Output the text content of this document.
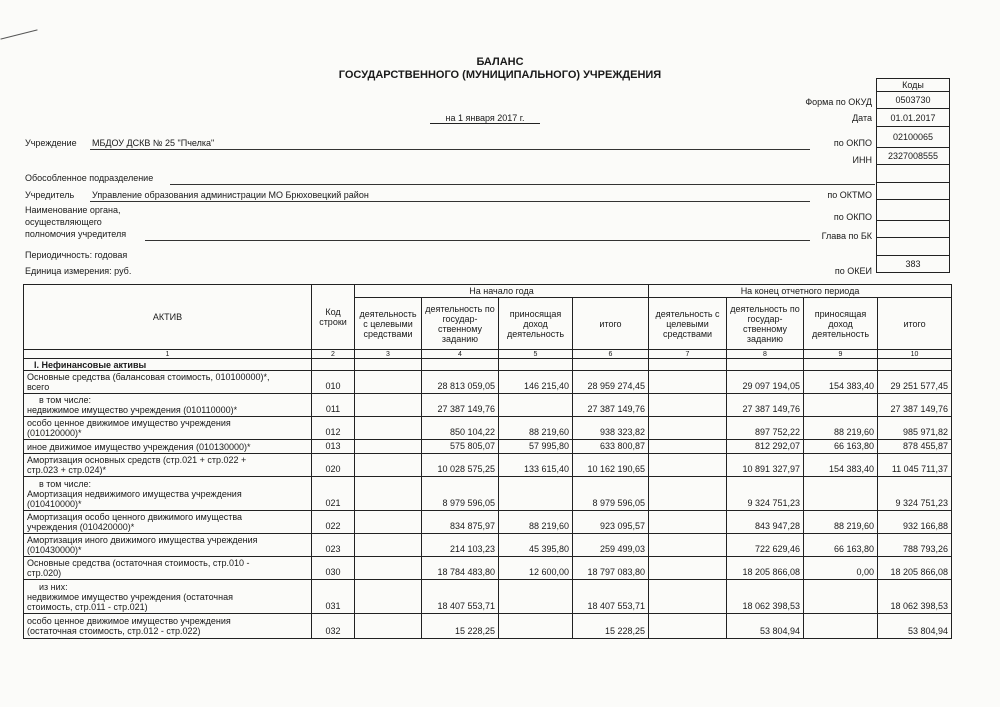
БАЛАНС
ГОСУДАРСТВЕННОГО (МУНИЦИПАЛЬНОГО) УЧРЕЖДЕНИЯ
на 1 января 2017 г.
Коды
0503730
01.01.2017
02100065
2327008555

383
Форма по ОКУД
Дата
по ОКПО
ИНН
по ОКТМО
по ОКПО
Глава по БК
по ОКЕИ
Учреждение МБДОУ ДСКВ № 25 "Пчелка"
Обособленное подразделение
Учредитель Управление образования администрации МО Брюховецкий район
Наименование органа,
осуществляющего
полномочия учредителя
Периодичность: годовая
Единица измерения: руб.
АКТИВ	Код строки	На начало года				На конец отчетного периода			
		деятельность с целевыми средствами	деятельность по государ-ственному заданию	приносящая доход деятельность	итого	деятельность с целевыми средствами	деятельность по государ-ственному заданию	приносящая доход деятельность	итого
1	2	3	4	5	6	7	8	9	10
I. Нефинансовые активы									

Основные средства (балансовая стоимость, 010100000)*,
всего	010		28 813 059,05	146 215,40	28 959 274,45		29 097 194,05	154 383,40	29 251 577,45

в том числе:
недвижимое имущество учреждения (010110000)*	011		27 387 149,76		27 387 149,76		27 387 149,76		27 387 149,76

особо ценное движимое имущество учреждения
(010120000)*	012		850 104,22	88 219,60	938 323,82		897 752,22	88 219,60	985 971,82

иное движимое имущество учреждения (010130000)*	013		575 805,07	57 995,80	633 800,87		812 292,07	66 163,80	878 455,87

Амортизация основных средств (стр.021 + стр.022 +
стр.023 + стр.024)*	020		10 028 575,25	133 615,40	10 162 190,65		10 891 327,97	154 383,40	11 045 711,37

в том числе:
Амортизация недвижимого имущества учреждения
(010410000)*	021		8 979 596,05		8 979 596,05		9 324 751,23		9 324 751,23

Амортизация особо ценного движимого имущества
учреждения (010420000)*	022		834 875,97	88 219,60	923 095,57		843 947,28	88 219,60	932 166,88

Амортизация иного движимого имущества учреждения
(010430000)*	023		214 103,23	45 395,80	259 499,03		722 629,46	66 163,80	788 793,26

Основные средства (остаточная стоимость, стр.010 -
стр.020)	030		18 784 483,80	12 600,00	18 797 083,80		18 205 866,08	0,00	18 205 866,08

из них:
недвижимое имущество учреждения (остаточная
стоимость, стр.011 - стр.021)	031		18 407 553,71		18 407 553,71		18 062 398,53		18 062 398,53

особо ценное движимое имущество учреждения
(остаточная стоимость, стр.012 - стр.022)	032		15 228,25		15 228,25		53 804,94		53 804,94
